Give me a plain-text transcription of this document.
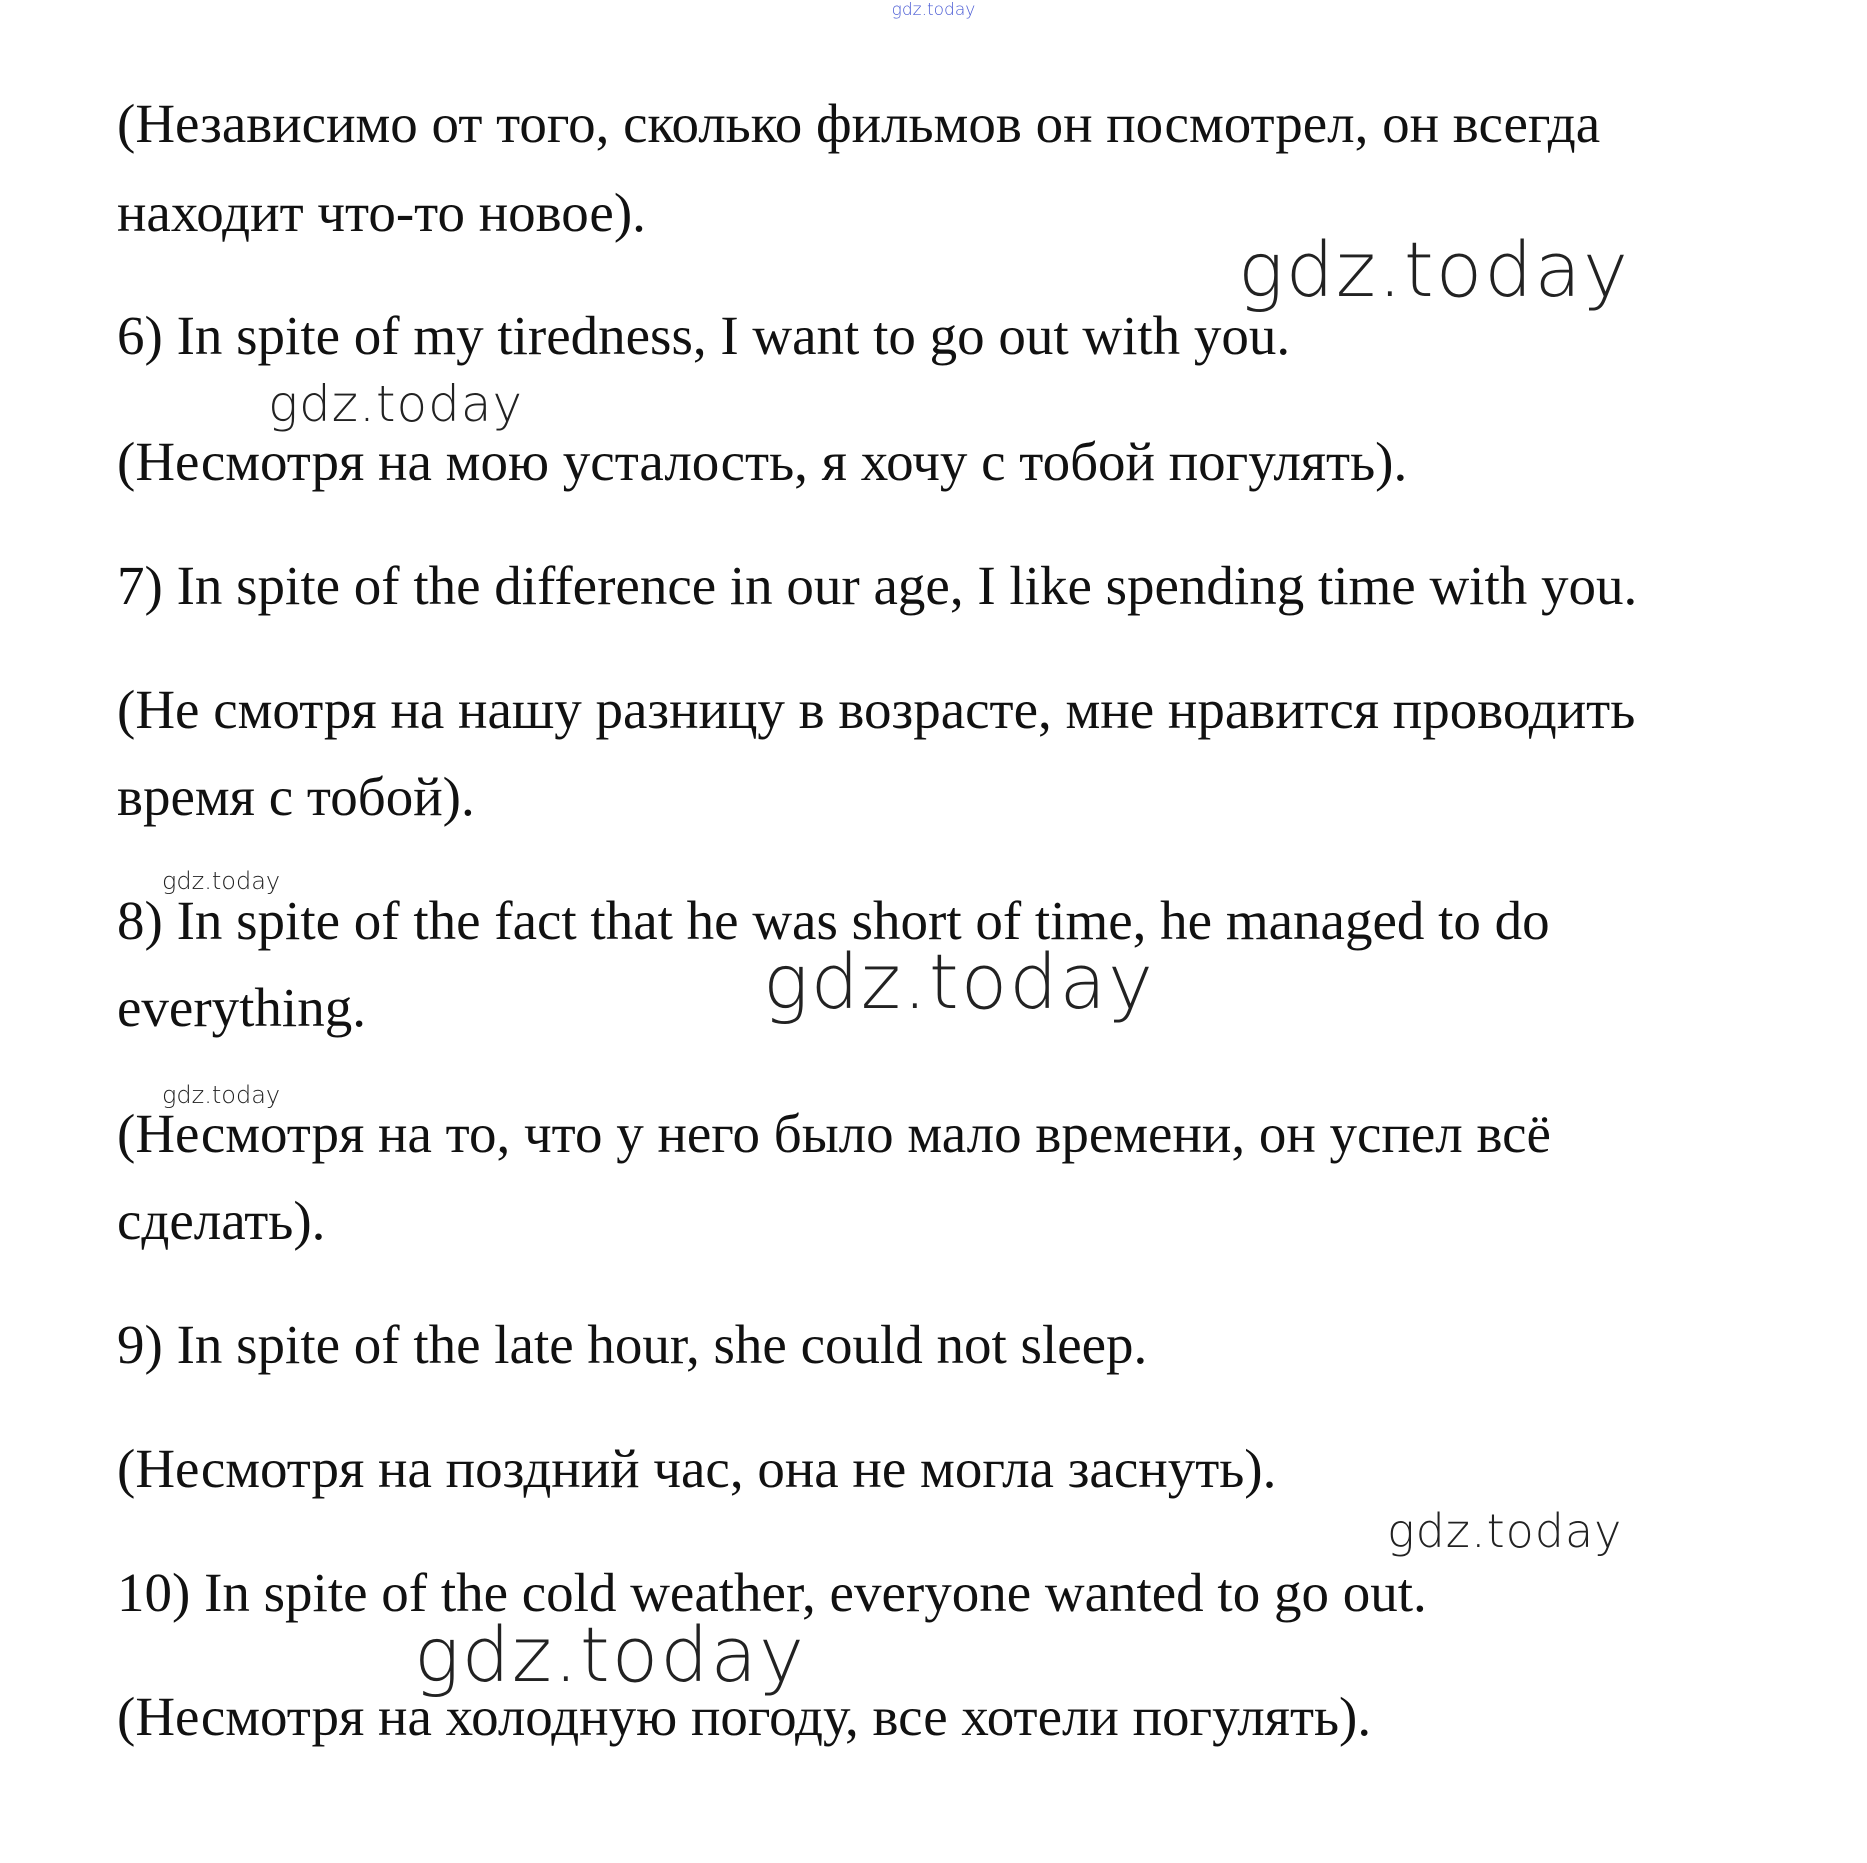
gdz.today

(Независимо от того, сколько фильмов он посмотрел, он всегда

находит что-то новое).

6) In spite of my tiredness, I want to go out with you.

(Несмотря на мою усталость, я хочу с тобой погулять).

7) In spite of the difference in our age, I like spending time with you.

(Не смотря на нашу разницу в возрасте, мне нравится проводить

время с тобой).

8) In spite of the fact that he was short of time, he managed to do

everything.

(Несмотря на то, что у него было мало времени, он успел всё

сделать).

9) In spite of the late hour, she could not sleep.

(Несмотря на поздний час, она не могла заснуть).

10) In spite of the cold weather, everyone wanted to go out.

(Несмотря на холодную погоду, все хотели погулять).

gdz.today

gdz.today

gdz.today

gdz.today

gdz.today

gdz.today

gdz.today
